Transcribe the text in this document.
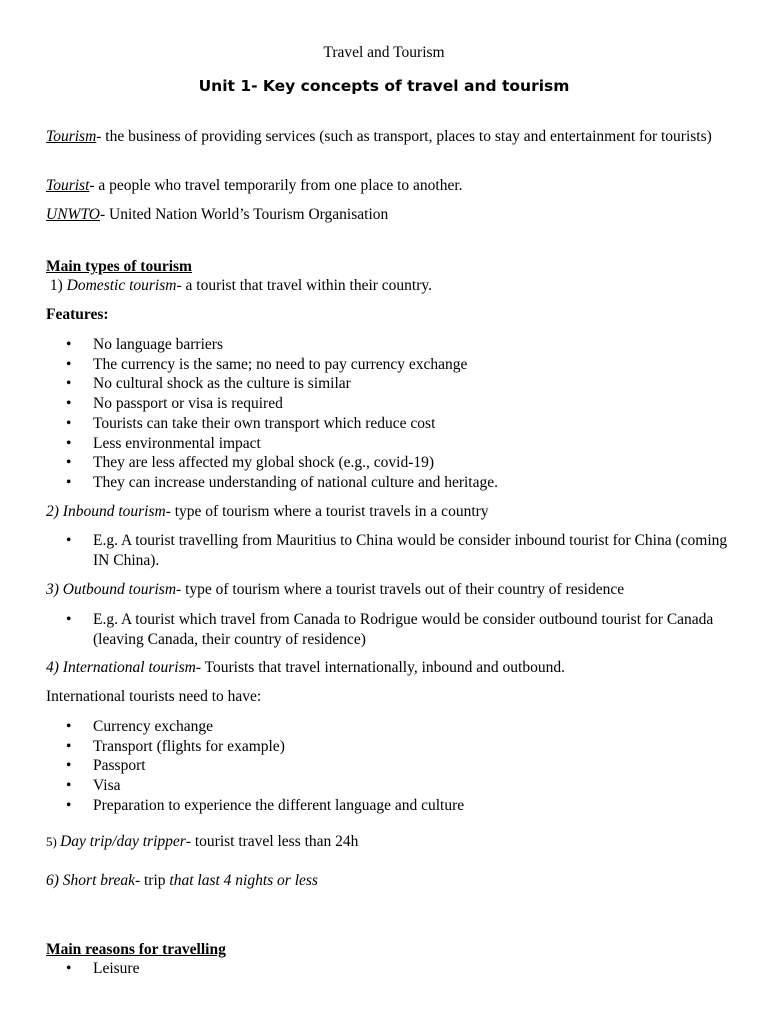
Travel and Tourism
Unit 1- Key concepts of travel and tourism
Tourism- the business of providing services (such as transport, places to stay and entertainment for tourists)
Tourist- a people who travel temporarily from one place to another.
UNWTO- United Nation World’s Tourism Organisation
Main types of tourism
1) Domestic tourism- a tourist that travel within their country.
Features:
• No language barriers
• The currency is the same; no need to pay currency exchange
• No cultural shock as the culture is similar
• No passport or visa is required
• Tourists can take their own transport which reduce cost
• Less environmental impact
• They are less affected my global shock (e.g., covid-19)
• They can increase understanding of national culture and heritage.
2) Inbound tourism- type of tourism where a tourist travels in a country
• E.g. A tourist travelling from Mauritius to China would be consider inbound tourist for China (coming IN China).
3) Outbound tourism- type of tourism where a tourist travels out of their country of residence
• E.g. A tourist which travel from Canada to Rodrigue would be consider outbound tourist for Canada (leaving Canada, their country of residence)
4) International tourism- Tourists that travel internationally, inbound and outbound.
International tourists need to have:
• Currency exchange
• Transport (flights for example)
• Passport
• Visa
• Preparation to experience the different language and culture
5) Day trip/day tripper- tourist travel less than 24h
6) Short break- trip that last 4 nights or less
Main reasons for travelling
• Leisure
